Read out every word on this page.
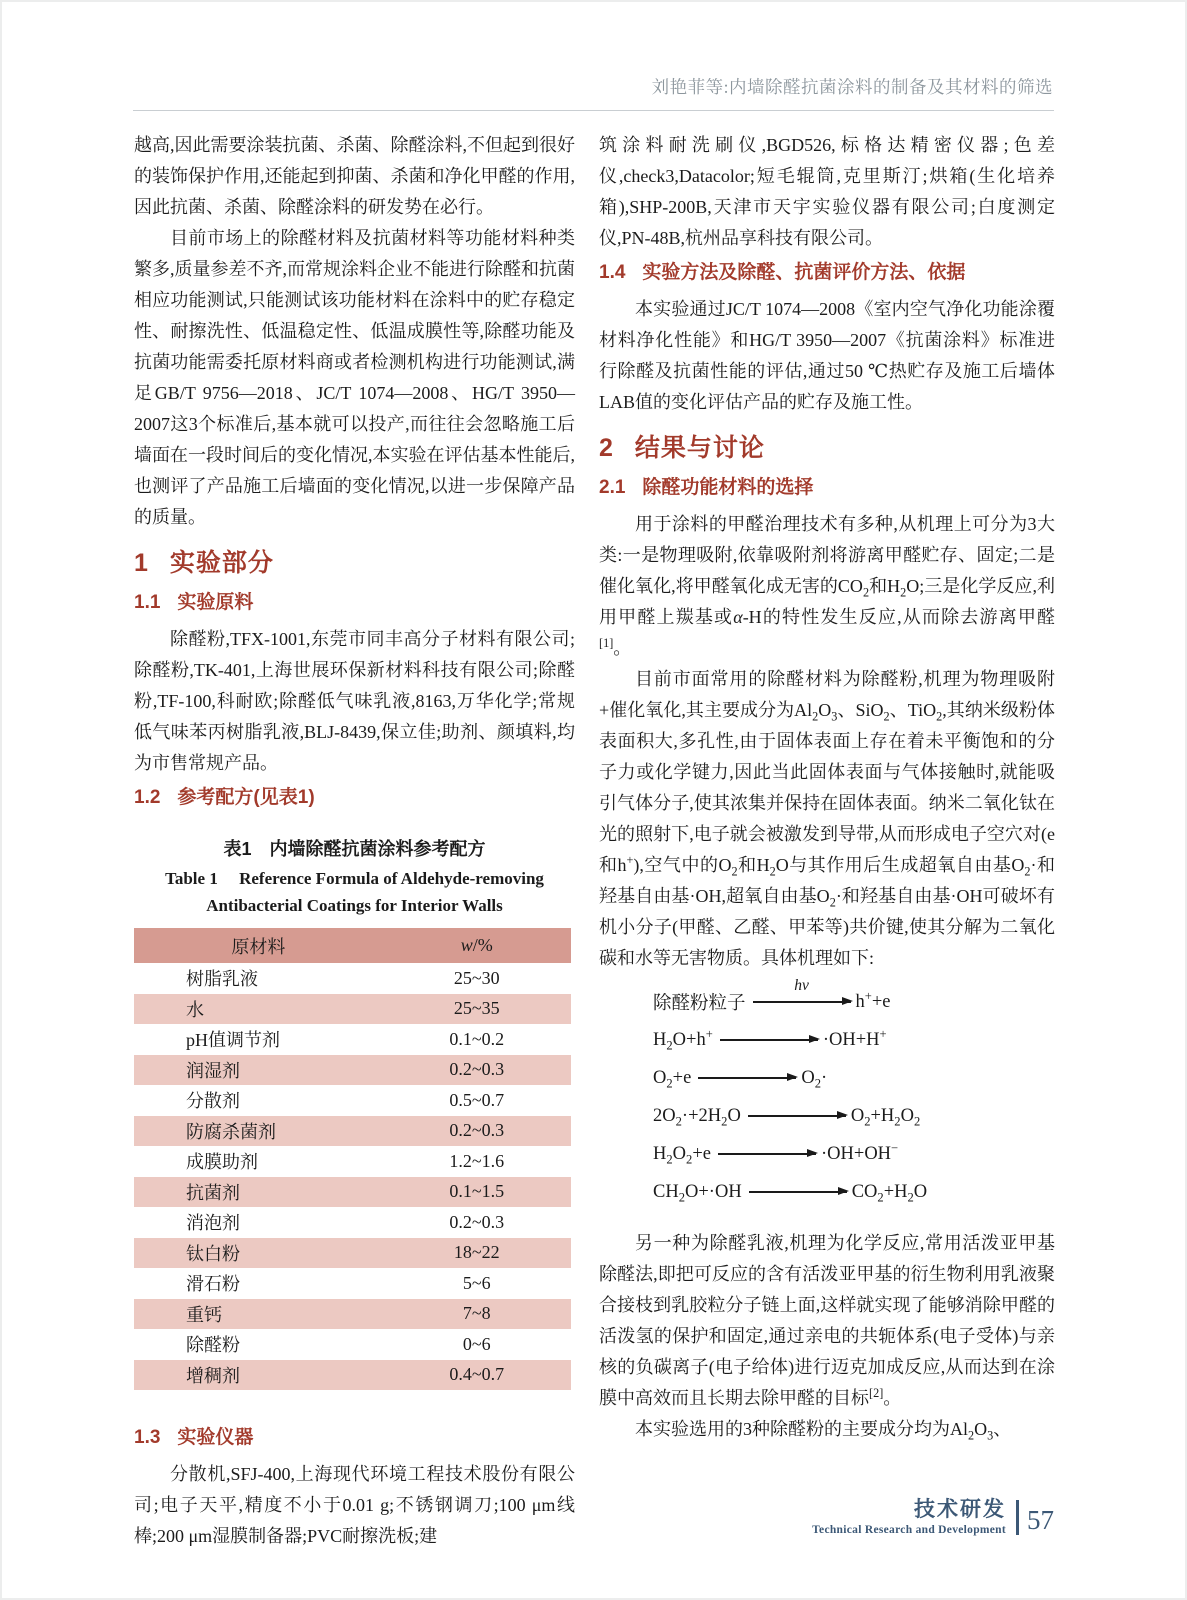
刘艳菲等:内墙除醛抗菌涂料的制备及其材料的筛选

越高,因此需要涂装抗菌、杀菌、除醛涂料,不但起到很好的装饰保护作用,还能起到抑菌、杀菌和净化甲醛的作用,因此抗菌、杀菌、除醛涂料的研发势在必行。

目前市场上的除醛材料及抗菌材料等功能材料种类繁多,质量参差不齐,而常规涂料企业不能进行除醛和抗菌相应功能测试,只能测试该功能材料在涂料中的贮存稳定性、耐擦洗性、低温稳定性、低温成膜性等,除醛功能及抗菌功能需委托原材料商或者检测机构进行功能测试,满足GB/T 9756—2018、JC/T 1074—2008、HG/T 3950—2007这3个标准后,基本就可以投产,而往往会忽略施工后墙面在一段时间后的变化情况,本实验在评估基本性能后,也测评了产品施工后墙面的变化情况,以进一步保障产品的质量。

1 实验部分
1.1 实验原料

除醛粉,TFX-1001,东莞市同丰高分子材料有限公司;除醛粉,TK-401,上海世展环保新材料科技有限公司;除醛粉,TF-100,科耐欧;除醛低气味乳液,8163,万华化学;常规低气味苯丙树脂乳液,BLJ-8439,保立佳;助剂、颜填料,均为市售常规产品。

1.2 参考配方(见表1)

表1　内墙除醛抗菌涂料参考配方

Table 1　 Reference Formula of Aldehyde-removing

Antibacterial Coatings for Interior Walls

原材料	w/%
树脂乳液	25~30
水	25~35
pH值调节剂	0.1~0.2
润湿剂	0.2~0.3
分散剂	0.5~0.7
防腐杀菌剂	0.2~0.3
成膜助剂	1.2~1.6
抗菌剂	0.1~1.5
消泡剂	0.2~0.3
钛白粉	18~22
滑石粉	5~6
重钙	7~8
除醛粉	0~6
增稠剂	0.4~0.7
1.3 实验仪器

分散机,SFJ-400,上海现代环境工程技术股份有限公司;电子天平,精度不小于0.01 g;不锈钢调刀;100 μm线棒;200 μm湿膜制备器;PVC耐擦洗板;建

筑涂料耐洗刷仪,BGD526,标格达精密仪器;色差仪,check3,Datacolor;短毛辊筒,克里斯汀;烘箱(生化培养箱),SHP-200B,天津市天宇实验仪器有限公司;白度测定仪,PN-48B,杭州品享科技有限公司。

1.4 实验方法及除醛、抗菌评价方法、依据

本实验通过JC/T 1074—2008《室内空气净化功能涂覆材料净化性能》和HG/T 3950—2007《抗菌涂料》标准进行除醛及抗菌性能的评估,通过50 ℃热贮存及施工后墙体LAB值的变化评估产品的贮存及施工性。

2 结果与讨论
2.1 除醛功能材料的选择

用于涂料的甲醛治理技术有多种,从机理上可分为3大类:一是物理吸附,依靠吸附剂将游离甲醛贮存、固定;二是催化氧化,将甲醛氧化成无害的$CO_2$和$H_2O$;三是化学反应,利用甲醛上羰基或α-H的特性发生反应,从而除去游离甲醛[1]。

目前市面常用的除醛材料为除醛粉,机理为物理吸附+催化氧化,其主要成分为$Al_2O_3$、SiO$_2$、TiO$_2$,其纳米级粉体表面积大,多孔性,由于固体表面上存在着未平衡饱和的分子力或化学键力,因此当此固体表面与气体接触时,就能吸引气体分子,使其浓集并保持在固体表面。纳米二氧化钛在光的照射下,电子就会被激发到导带,从而形成电子空穴对(e和h+),空气中的$O_2$和$H_2O$与其作用后生成超氧自由基$O_2\cdot$和羟基自由基·OH,超氧自由基$O_2\cdot$和羟基自由基·OH可破坏有机小分子(甲醛、乙醛、甲苯等)共价键,使其分解为二氧化碳和水等无害物质。具体机理如下:

除醛粉粒子
hv
h++e
$H_2O+h^+$	·OH+H+
$O_2+e$	$O_2\cdot$
$2O_2\cdot+2H_2O$	$O_2+H_2O_2$
$H_2O_2+e$	·OH+OH−
$CH_2O+\cdot OH$	$CO_2+H_2O$

另一种为除醛乳液,机理为化学反应,常用活泼亚甲基除醛法,即把可反应的含有活泼亚甲基的衍生物利用乳液聚合接枝到乳胶粒分子链上面,这样就实现了能够消除甲醛的活泼氢的保护和固定,通过亲电的共轭体系(电子受体)与亲核的负碳离子(电子给体)进行迈克加成反应,从而达到在涂膜中高效而且长期去除甲醛的目标[2]。

本实验选用的3种除醛粉的主要成分均为$Al_2O_3$、

技术研发
Technical Research and Development 57
